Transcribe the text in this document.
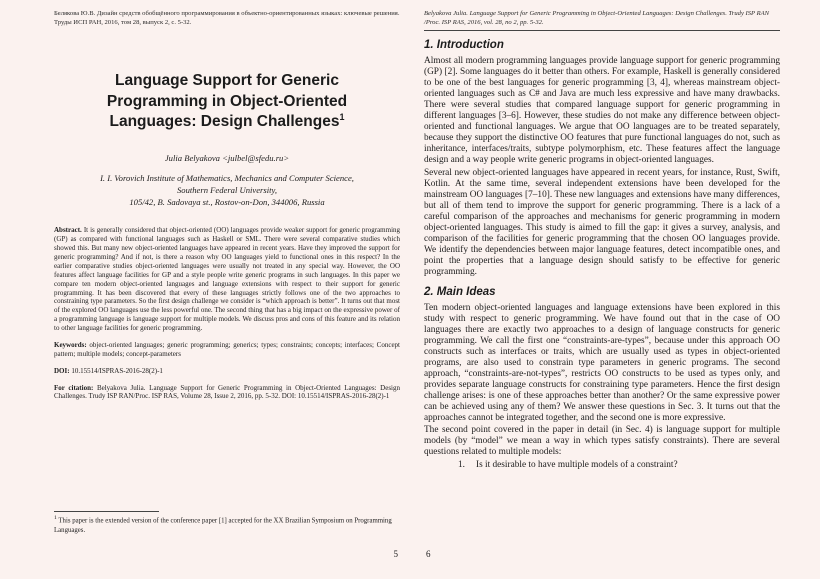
Белякова Ю.В. Дизайн средств обобщённого программирования в объектно-ориентированных языках: ключевые решения. Труды ИСП РАН, 2016, том 28, выпуск 2, с. 5-32.
Language Support for Generic Programming in Object-Oriented Languages: Design Challenges$^1$
Julia Belyakova <julbel@sfedu.ru>
I. I. Vorovich Institute of Mathematics, Mechanics and Computer Science,
Southern Federal University,
105/42, B. Sadovaya st., Rostov-on-Don, 344006, Russia

Abstract. It is generally considered that object-oriented (OO) languages provide weaker support for generic programming (GP) as compared with functional languages such as Haskell or SML. There were several comparative studies which showed this. But many new object-oriented languages have appeared in recent years. Have they improved the support for generic programming? And if not, is there a reason why OO languages yield to functional ones in this respect? In the earlier comparative studies object-oriented languages were usually not treated in any special way. However, the OO features affect language facilities for GP and a style people write generic programs in such languages. In this paper we compare ten modern object-oriented languages and language extensions with respect to their support for generic programming. It has been discovered that every of these languages strictly follows one of the two approaches to constraining type parameters. So the first design challenge we consider is “which approach is better”. It turns out that most of the explored OO languages use the less powerful one. The second thing that has a big impact on the expressive power of a programming language is language support for multiple models. We discuss pros and cons of this feature and its relation to other language facilities for generic programming.

Keywords: object-oriented languages; generic programming; generics; types; constraints; concepts; interfaces; Concept pattern; multiple models; concept-parameters

DOI: 10.15514/ISPRAS-2016-28(2)-1

For citation: Belyakova Julia. Language Support for Generic Programming in Object-Oriented Languages: Design Challenges. Trudy ISP RAN/Proc. ISP RAS, Volume 28, Issue 2, 2016, pp. 5-32. DOI: 10.15514/ISPRAS-2016-28(2)-1

$^1$ This paper is the extended version of the conference paper [1] accepted for the XX Brazilian Symposium on Programming Languages.
5
Belyakova Julia. Language Support for Generic Programming in Object-Oriented Languages: Design Challenges. Trudy ISP RAN /Proc. ISP RAS, 2016, vol. 28, no 2, pp. 5-32.
1. Introduction

Almost all modern programming languages provide language support for generic programming (GP) [2]. Some languages do it better than others. For example, Haskell is generally considered to be one of the best languages for generic programming [3, 4], whereas mainstream object-oriented languages such as C# and Java are much less expressive and have many drawbacks. There were several studies that compared language support for generic programming in different languages [3–6]. However, these studies do not make any difference between object-oriented and functional languages. We argue that OO languages are to be treated separately, because they support the distinctive OO features that pure functional languages do not, such as inheritance, interfaces/traits, subtype polymorphism, etc. These features affect the language design and a way people write generic programs in object-oriented languages.

Several new object-oriented languages have appeared in recent years, for instance, Rust, Swift, Kotlin. At the same time, several independent extensions have been developed for the mainstream OO languages [7–10]. These new languages and extensions have many differences, but all of them tend to improve the support for generic programming. There is a lack of a careful comparison of the approaches and mechanisms for generic programming in modern object-oriented languages. This study is aimed to fill the gap: it gives a survey, analysis, and comparison of the facilities for generic programming that the chosen OO languages provide. We identify the dependencies between major language features, detect incompatible ones, and point the properties that a language design should satisfy to be effective for generic programming.

2. Main Ideas

Ten modern object-oriented languages and language extensions have been explored in this study with respect to generic programming. We have found out that in the case of OO languages there are exactly two approaches to a design of language constructs for generic programming. We call the first one “constraints-are-types”, because under this approach OO constructs such as interfaces or traits, which are usually used as types in object-oriented programs, are also used to constrain type parameters in generic programs. The second approach, “constraints-are-not-types”, restricts OO constructs to be used as types only, and provides separate language constructs for constraining type parameters. Hence the first design challenge arises: is one of these approaches better than another? Or the same expressive power can be achieved using any of them? We answer these questions in Sec. 3. It turns out that the approaches cannot be integrated together, and the second one is more expressive.

The second point covered in the paper in detail (in Sec. 4) is language support for multiple models (by “model” we mean a way in which types satisfy constraints). There are several questions related to multiple models:

1. Is it desirable to have multiple models of a constraint?
6
